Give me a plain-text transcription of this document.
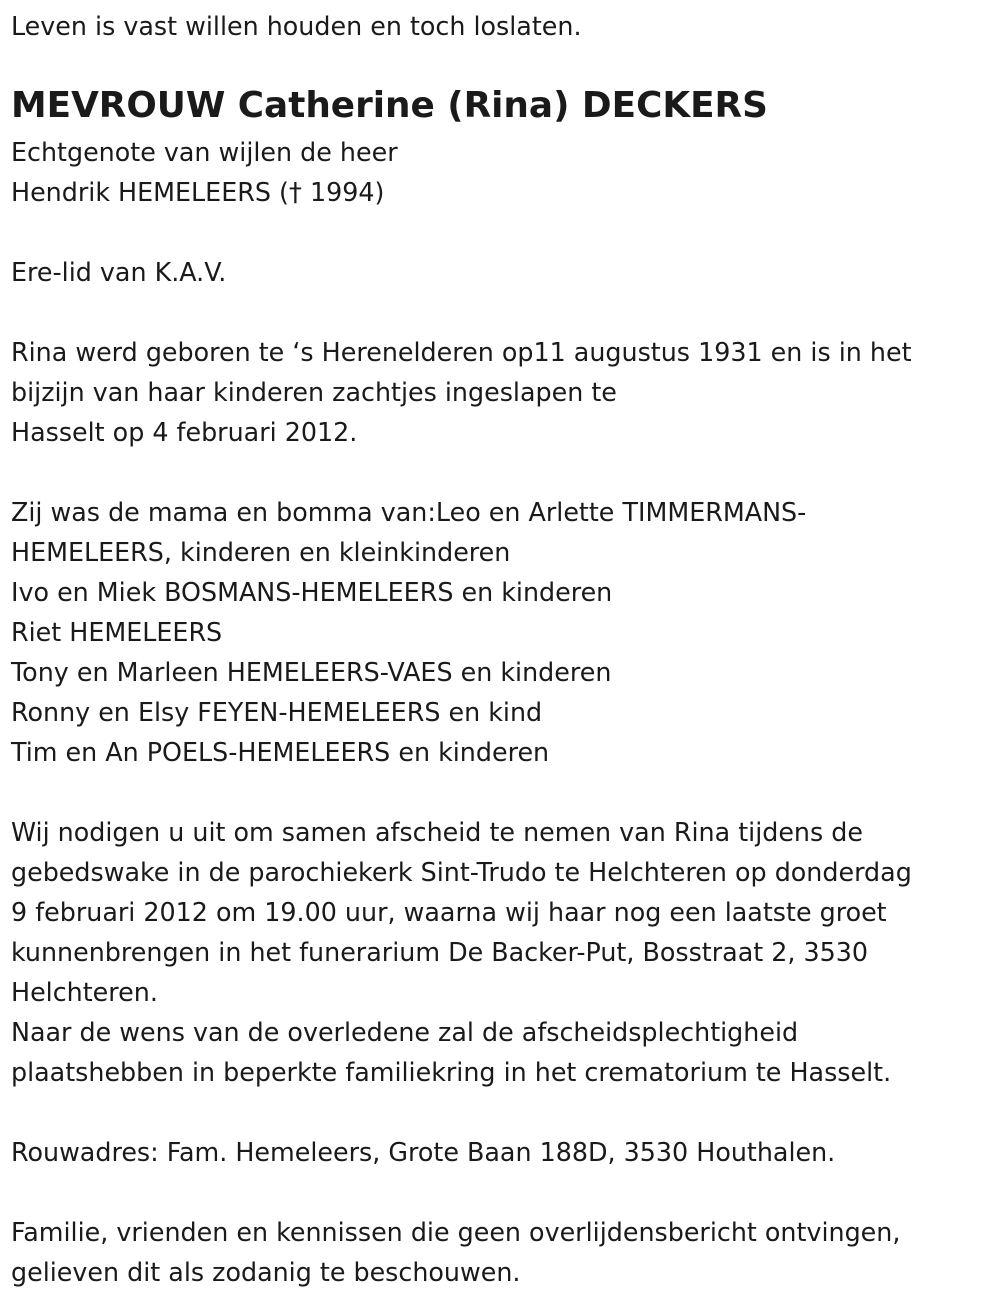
Leven is vast willen houden en toch loslaten.
MEVROUW Catherine (Rina) DECKERS
Echtgenote van wijlen de heer
Hendrik HEMELEERS († 1994)
Ere-lid van K.A.V.
Rina werd geboren te ‘s Herenelderen op11 augustus 1931 en is in het
bijzijn van haar kinderen zachtjes ingeslapen te
Hasselt op 4 februari 2012.
Zij was de mama en bomma van:Leo en Arlette TIMMERMANS-
HEMELEERS, kinderen en kleinkinderen
Ivo en Miek BOSMANS-HEMELEERS en kinderen
Riet HEMELEERS
Tony en Marleen HEMELEERS-VAES en kinderen
Ronny en Elsy FEYEN-HEMELEERS en kind
Tim en An POELS-HEMELEERS en kinderen
Wij nodigen u uit om samen afscheid te nemen van Rina tijdens de
gebedswake in de parochiekerk Sint-Trudo te Helchteren op donderdag
9 februari 2012 om 19.00 uur, waarna wij haar nog een laatste groet
kunnenbrengen in het funerarium De Backer-Put, Bosstraat 2, 3530
Helchteren.
Naar de wens van de overledene zal de afscheidsplechtigheid
plaatshebben in beperkte familiekring in het crematorium te Hasselt.
Rouwadres: Fam. Hemeleers, Grote Baan 188D, 3530 Houthalen.
Familie, vrienden en kennissen die geen overlijdensbericht ontvingen,
gelieven dit als zodanig te beschouwen.
